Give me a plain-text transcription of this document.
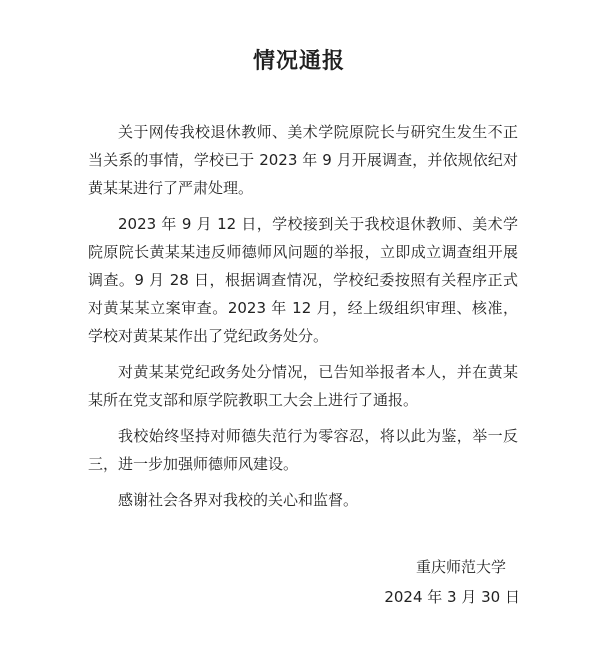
情况通报

关于网传我校退休教师、美术学院原院长与研究生发生不正当关系的事情，学校已于 2023 年 9 月开展调查，并依规依纪对黄某某进行了严肃处理。

2023 年 9 月 12 日，学校接到关于我校退休教师、美术学院原院长黄某某违反师德师风问题的举报，立即成立调查组开展调查。9 月 28 日，根据调查情况，学校纪委按照有关程序正式对黄某某立案审查。2023 年 12 月，经上级组织审理、核准，学校对黄某某作出了党纪政务处分。

对黄某某党纪政务处分情况，已告知举报者本人，并在黄某某所在党支部和原学院教职工大会上进行了通报。

我校始终坚持对师德失范行为零容忍，将以此为鉴，举一反三，进一步加强师德师风建设。

感谢社会各界对我校的关心和监督。

重庆师范大学
2024 年 3 月 30 日
